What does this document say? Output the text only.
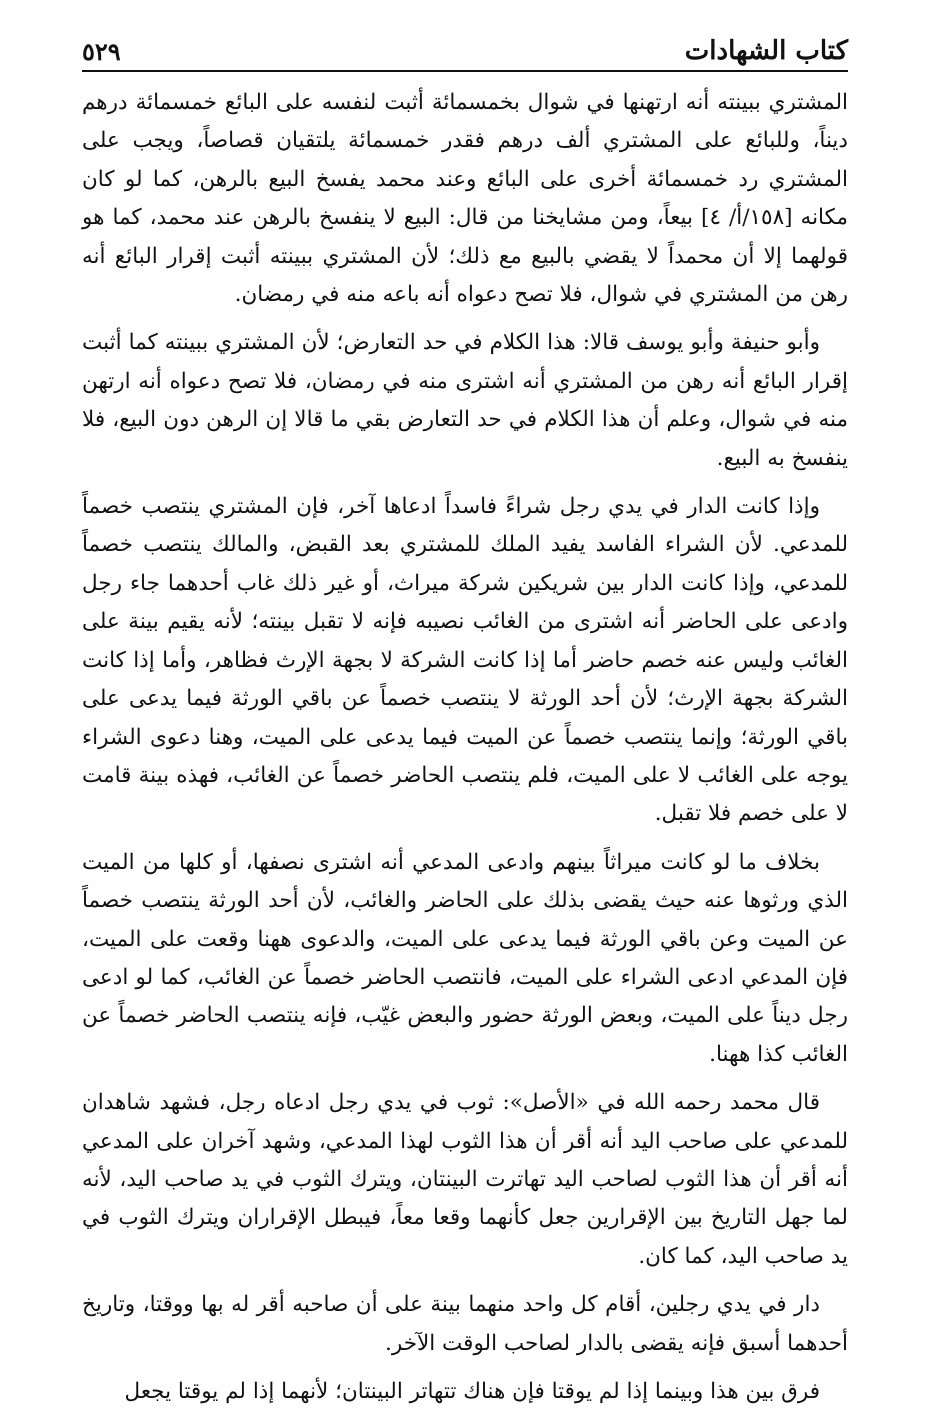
كتاب الشهادات
٥٢٩

المشتري ببينته أنه ارتهنها في شوال بخمسمائة أثبت لنفسه على البائع خمسمائة درهم ديناً، وللبائع على المشتري ألف درهم فقدر خمسمائة يلتقيان قصاصاً، ويجب على المشتري رد خمسمائة أخرى على البائع وعند محمد يفسخ البيع بالرهن، كما لو كان مكانه [١٥٨/أ/ ٤] بيعاً، ومن مشايخنا من قال: البيع لا ينفسخ بالرهن عند محمد، كما هو قولهما إلا أن محمداً لا يقضي بالبيع مع ذلك؛ لأن المشتري ببينته أثبت إقرار البائع أنه رهن من المشتري في شوال، فلا تصح دعواه أنه باعه منه في رمضان.

وأبو حنيفة وأبو يوسف قالا: هذا الكلام في حد التعارض؛ لأن المشتري ببينته كما أثبت إقرار البائع أنه رهن من المشتري أنه اشترى منه في رمضان، فلا تصح دعواه أنه ارتهن منه في شوال، وعلم أن هذا الكلام في حد التعارض بقي ما قالا إن الرهن دون البيع، فلا ينفسخ به البيع.

وإذا كانت الدار في يدي رجل شراءً فاسداً ادعاها آخر، فإن المشتري ينتصب خصماً للمدعي. لأن الشراء الفاسد يفيد الملك للمشتري بعد القبض، والمالك ينتصب خصماً للمدعي، وإذا كانت الدار بين شريكين شركة ميراث، أو غير ذلك غاب أحدهما جاء رجل وادعى على الحاضر أنه اشترى من الغائب نصيبه فإنه لا تقبل بينته؛ لأنه يقيم بينة على الغائب وليس عنه خصم حاضر أما إذا كانت الشركة لا بجهة الإرث فظاهر، وأما إذا كانت الشركة بجهة الإرث؛ لأن أحد الورثة لا ينتصب خصماً عن باقي الورثة فيما يدعى على باقي الورثة؛ وإنما ينتصب خصماً عن الميت فيما يدعى على الميت، وهنا دعوى الشراء يوجه على الغائب لا على الميت، فلم ينتصب الحاضر خصماً عن الغائب، فهذه بينة قامت لا على خصم فلا تقبل.

بخلاف ما لو كانت ميراثاً بينهم وادعى المدعي أنه اشترى نصفها، أو كلها من الميت الذي ورثوها عنه حيث يقضى بذلك على الحاضر والغائب، لأن أحد الورثة ينتصب خصماً عن الميت وعن باقي الورثة فيما يدعى على الميت، والدعوى ههنا وقعت على الميت، فإن المدعي ادعى الشراء على الميت، فانتصب الحاضر خصماً عن الغائب، كما لو ادعى رجل ديناً على الميت، وبعض الورثة حضور والبعض غيّب، فإنه ينتصب الحاضر خصماً عن الغائب كذا ههنا.

قال محمد رحمه الله في «الأصل»: ثوب في يدي رجل ادعاه رجل، فشهد شاهدان للمدعي على صاحب اليد أنه أقر أن هذا الثوب لهذا المدعي، وشهد آخران على المدعي أنه أقر أن هذا الثوب لصاحب اليد تهاترت البينتان، ويترك الثوب في يد صاحب اليد، لأنه لما جهل التاريخ بين الإقرارين جعل كأنهما وقعا معاً، فيبطل الإقراران ويترك الثوب في يد صاحب اليد، كما كان.

دار في يدي رجلين، أقام كل واحد منهما بينة على أن صاحبه أقر له بها ووقتا، وتاريخ أحدهما أسبق فإنه يقضى بالدار لصاحب الوقت الآخر.

فرق بين هذا وبينما إذا لم يوقتا فإن هناك تتهاتر البينتان؛ لأنهما إذا لم يوقتا يجعل
